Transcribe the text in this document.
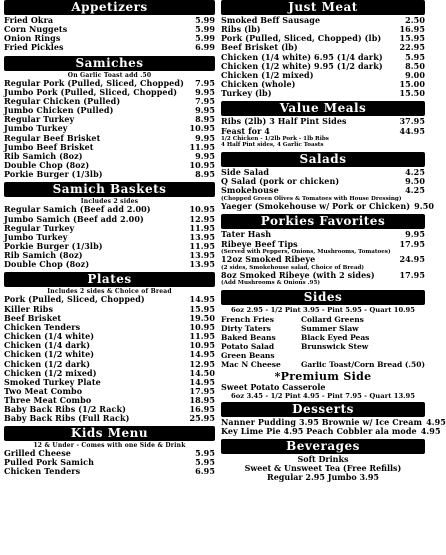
Appetizers
Fried Okra	5.99
Corn Nuggets	5.99
Onion Rings	5.99
Fried Pickles	6.99
Samiches
On Garlic Toast add .50
Regular Pork (Pulled, Sliced, Chopped)	7.95
Jumbo Pork (Pulled, Sliced, Chopped)	9.95
Regular Chicken (Pulled)	7.95
Jumbo Chicken (Pulled)	9.95
Regular Turkey	8.95
Jumbo Turkey	10.95
Regular Beef Brisket	9.95
Jumbo Beef Brisket	11.95
Rib Samich (8oz)	9.95
Double Chop (8oz)	10.95
Porkie Burger (1/3lb)	8.95
Samich Baskets
Includes 2 sides
Regular Samich (Beef add 2.00)	10.95
Jumbo Samich (Beef add 2.00)	12.95
Regular Turkey	11.95
Jumbo Turkey	13.95
Porkie Burger (1/3lb)	11.95
Rib Samich (8oz)	13.95
Double Chop (8oz)	13.95
Plates
Includes 2 sides & Choice of Bread
Pork (Pulled, Sliced, Chopped)	14.95
Killer Ribs	15.95
Beef Brisket	19.50
Chicken Tenders	10.95
Chicken (1/4 white)	11.95
Chicken (1/4 dark)	10.95
Chicken (1/2 white)	14.95
Chicken (1/2 dark)	12.95
Chicken (1/2 mixed)	14.50
Smoked Turkey Plate	14.95
Two Meat Combo	17.95
Three Meat Combo	18.95
Baby Back Ribs (1/2 Rack)	16.95
Baby Back Ribs (Full Rack)	25.95
Kids Menu
12 & Under - Comes with one Side & Drink
Grilled Cheese	5.95
Pulled Pork Samich	5.95
Chicken Tenders	6.95
Just Meat
Smoked Beff Sausage	2.50
Ribs (lb)	16.95
Pork (Pulled, Sliced, Chopped) (lb)	15.95
Beef Brisket (lb)	22.95
Chicken (1/4 white) 6.95 (1/4 dark)	5.95
Chicken (1/2 white) 9.95 (1/2 dark)	8.50
Chicken (1/2 mixed)	9.00
Chicken (whole)	15.00
Turkey (lb)	15.50
Value Meals
Ribs (2lb) 3 Half Pint Sides	37.95
Feast for 4	44.95
1/2 Chicken - 1/2lb Pork - 1lb Ribs
4 Half Pint sides, 4 Garlic Toasts
Salads
Side Salad	4.25
Q Salad (pork or chicken)	9.50
Smokehouse	4.25
(Chopped Green Olives & Tomatoes with House Dressing)
Yaeger (Smokehouse w/ Pork or Chicken) 9.50
Porkies Favorites
Tater Hash	9.95
Ribeye Beef Tips	17.95
(Served with Peppers, Onions, Mushrooms, Tomatoes)
12oz Smoked Ribeye	24.95
(2 sides, Smokehouse salad, Choice of Bread)
8oz Smoked Ribeye (with 2 sides)	17.95
(Add Mushrooms & Onions .95)
Sides
6oz 2.95 - 1/2 Pint 3.95 - Pint 5.95 - Quart 10.95
French Fries	Collard Greens
Dirty Taters	Summer Slaw
Baked Beans	Black Eyed Peas
Potato Salad	Brunswick Stew
Green Beans
Mac N Cheese	Garlic Toast/Corn Bread (.50)
*Premium Side
Sweet Potato Casserole
6oz 3.45 - 1/2 Pint 4.95 - Pint 7.95 - Quart 13.95
Desserts
Nanner Pudding 3.95 Brownie w/ Ice Cream 4.95
Key Lime Pie 4.95 Peach Cobbler ala mode 4.95
Beverages
Soft Drinks
Sweet & Unsweet Tea (Free Refills)
Regular 2.95 Jumbo 3.95
